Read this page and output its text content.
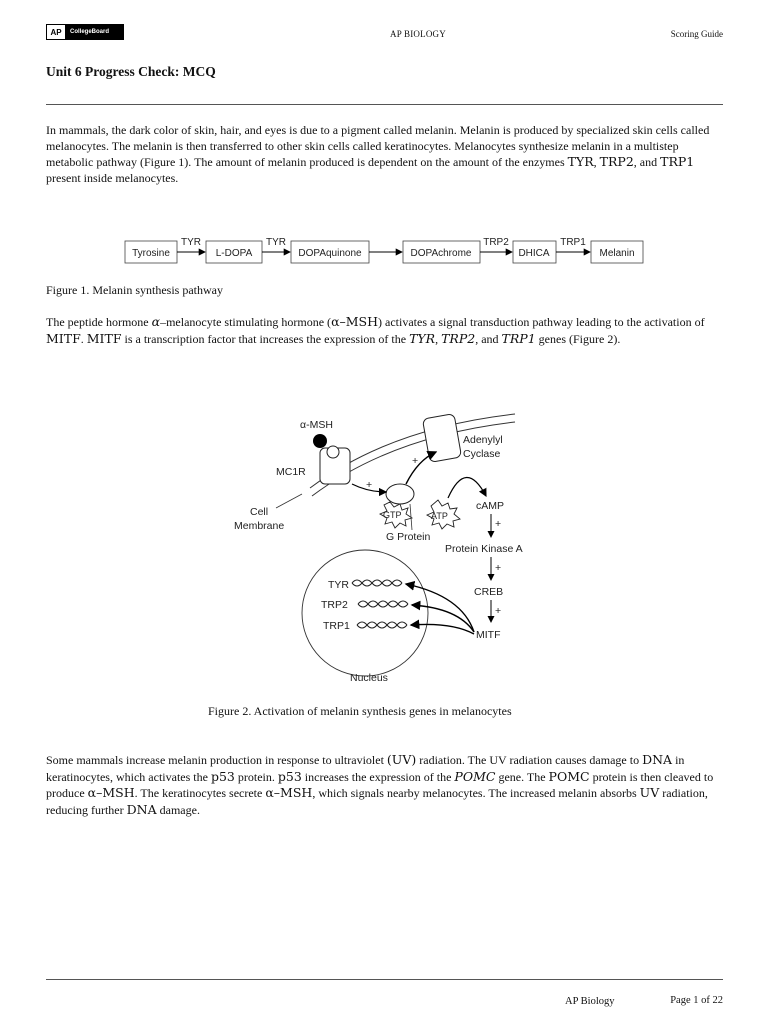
AP	CollegeBoard	AP BIOLOGY	Scoring Guide
Unit 6 Progress Check: MCQ
In mammals, the dark color of skin, hair, and eyes is due to a pigment called melanin. Melanin is produced by specialized skin cells called melanocytes. The melanin is then transferred to other skin cells called keratinocytes. Melanocytes synthesize melanin in a multistep metabolic pathway (Figure 1). The amount of melanin produced is dependent on the amount of the enzymes TYR, TRP2, and TRP1 present inside melanocytes.
Tyrosine	L-DOPA	DOPAquinone	DOPAchrome	DHICA	Melanin
TYR	TYR	TRP2	TRP1
Figure 1. Melanin synthesis pathway
The peptide hormone α–melanocyte stimulating hormone (α–MSH) activates a signal transduction pathway leading to the activation of MITF. MITF is a transcription factor that increases the expression of the TYR, TRP2, and TRP1 genes (Figure 2).
α-MSH
MC1R
Adenylyl
Cyclase
Cell
Membrane
GTP
G Protein
ATP
+
+
cAMP
+
Protein Kinase A
+
CREB
+
MITF
Nucleus
TYR
TRP2
TRP1
Figure 2. Activation of melanin synthesis genes in melanocytes
Some mammals increase melanin production in response to ultraviolet (UV) radiation. The UV radiation causes damage to DNA in keratinocytes, which activates the p53 protein. p53 increases the expression of the POMC gene. The POMC protein is then cleaved to produce α–MSH. The keratinocytes secrete α–MSH, which signals nearby melanocytes. The increased melanin absorbs UV radiation, reducing further DNA damage.
AP Biology	Page 1 of 22
